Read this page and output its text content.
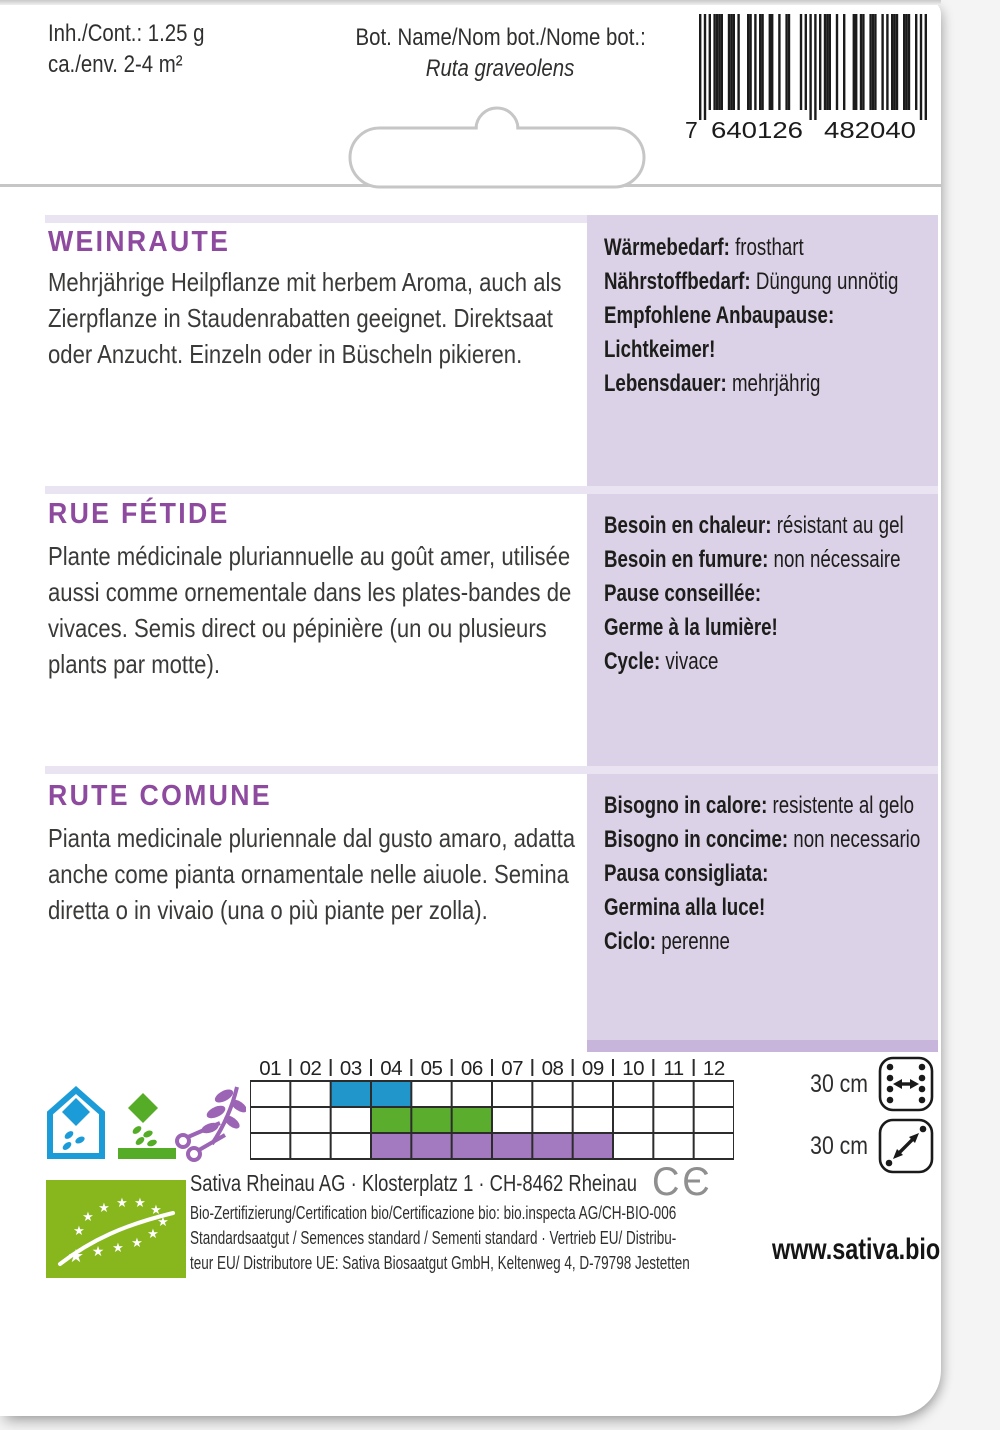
Inh./Cont.: 1.25 g
ca./env. 2-4 m²
Bot. Name/Nom bot./Nome bot.:
Ruta graveolens
7 640126 482040
WEINRAUTE
Mehrjährige Heilpflanze mit herbem Aroma, auch als Zierpflanze in Staudenrabatten geeignet. Direktsaat oder Anzucht. Einzeln oder in Büscheln pikieren.
Wärmebedarf: frosthart
Nährstoffbedarf: Düngung unnötig
Empfohlene Anbaupause:
Lichtkeimer!
Lebensdauer: mehrjährig
RUE FÉTIDE
Plante médicinale pluriannuelle au goût amer, utilisée aussi comme ornementale dans les plates-bandes de vivaces. Semis direct ou pépinière (un ou plusieurs plants par motte).
Besoin en chaleur: résistant au gel
Besoin en fumure: non nécessaire
Pause conseillée:
Germe à la lumière!
Cycle: vivace
RUTE COMUNE
Pianta medicinale pluriennale dal gusto amaro, adatta anche come pianta ornamentale nelle aiuole. Semina diretta o in vivaio (una o più piante per zolla).
Bisogno in calore: resistente al gelo
Bisogno in concime: non necessario
Pausa consigliata:
Germina alla luce!
Ciclo: perenne
01 02 03 04 05 06 07 08 09 10 11 12
30 cm
30 cm
★ ★ ★ ★
★
★
★
★
★ ★ ★ ★
Sativa Rheinau AG · Klosterplatz 1 · CH-8462 Rheinau CЄ
Bio-Zertifizierung/Certification bio/Certificazione bio: bio.inspecta AG/CH-BIO-006
Standardsaatgut / Semences standard / Sementi standard · Vertrieb EU/ Distribu-
teur EU/ Distributore UE: Sativa Biosaatgut GmbH, Keltenweg 4, D-79798 Jestetten	www.sativa.bio
